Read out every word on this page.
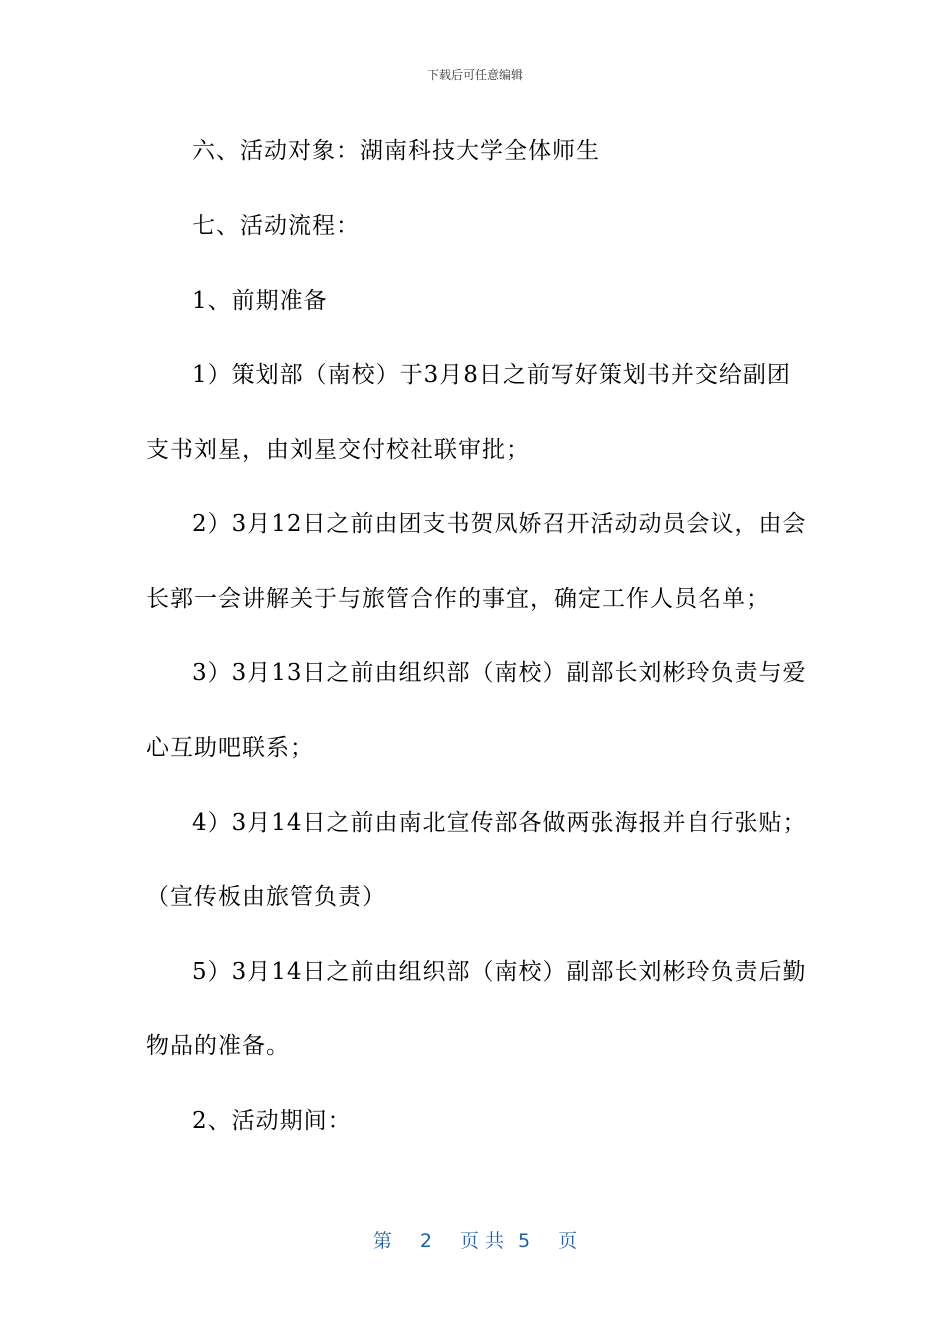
下载后可任意编辑
六、活动对象：湖南科技大学全体师生
七、活动流程：
1、前期准备
1）策划部（南校）于3月8日之前写好策划书并交给副团
支书刘星，由刘星交付校社联审批；
2）3月12日之前由团支书贺凤娇召开活动动员会议，由会
长郭一会讲解关于与旅管合作的事宜，确定工作人员名单；
3）3月13日之前由组织部（南校）副部长刘彬玲负责与爱
心互助吧联系；
4）3月14日之前由南北宣传部各做两张海报并自行张贴；
（宣传板由旅管负责）
5）3月14日之前由组织部（南校）副部长刘彬玲负责后勤
物品的准备。
2、活动期间：
第 2 页 共 5 页
